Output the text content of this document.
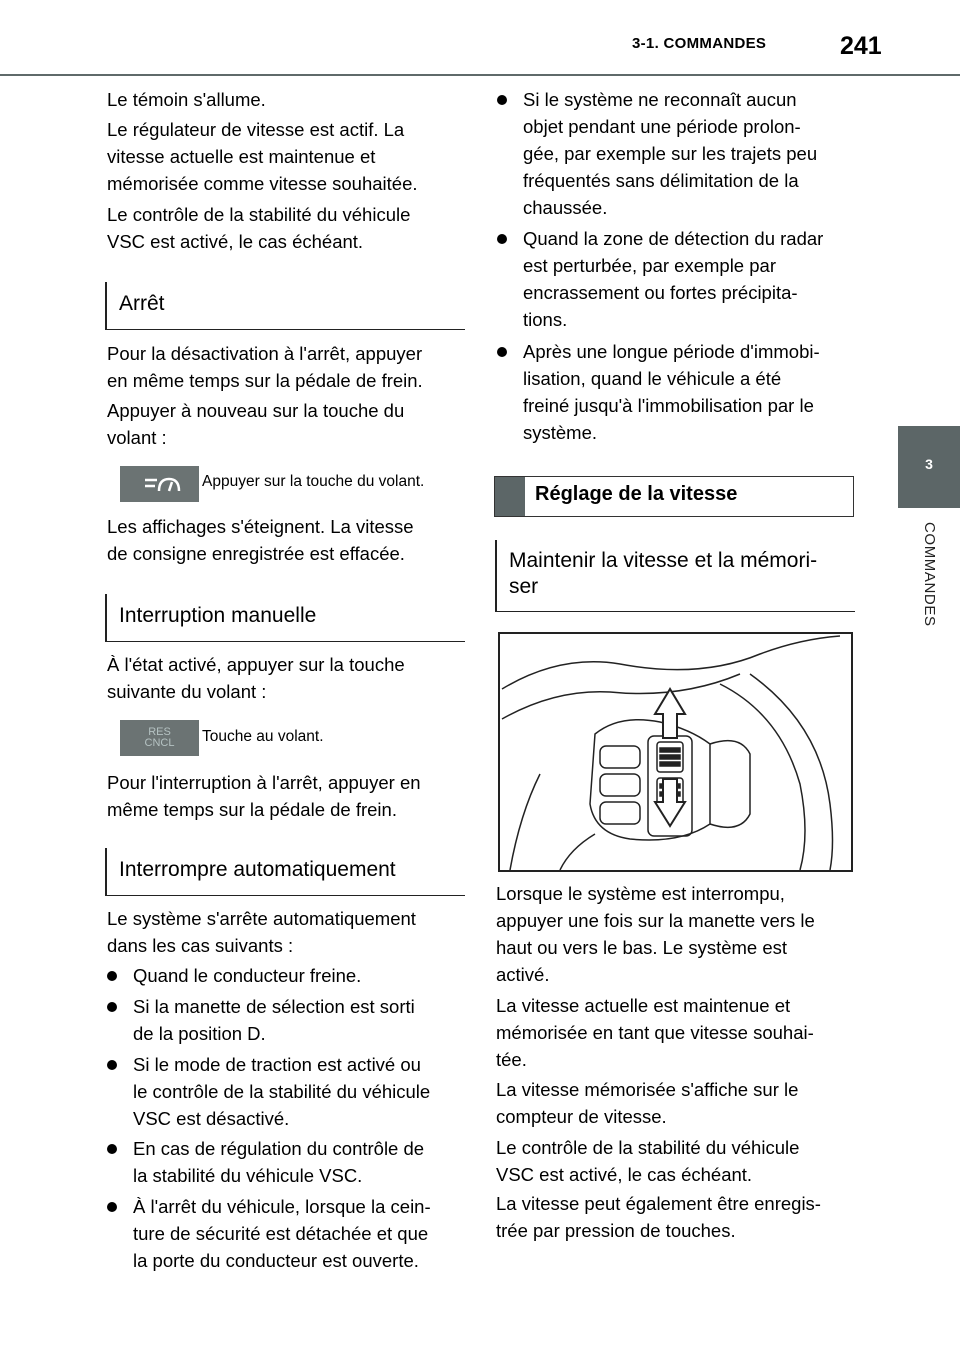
3-1. COMMANDES	241
3
COMMANDES
Le témoin s'allume.
Le régulateur de vitesse est actif. La
vitesse actuelle est maintenue et
mémorisée comme vitesse souhaitée.
Le contrôle de la stabilité du véhicule
VSC est activé, le cas échéant.
Arrêt
Pour la désactivation à l'arrêt, appuyer
en même temps sur la pédale de frein.
Appuyer à nouveau sur la touche du
volant :
Appuyer sur la touche du volant.
Les affichages s'éteignent. La vitesse
de consigne enregistrée est effacée.
Interruption manuelle
À l'état activé, appuyer sur la touche
suivante du volant :
RES
CNCL Touche au volant.
Pour l'interruption à l'arrêt, appuyer en
même temps sur la pédale de frein.
Interrompre automatiquement
Le système s'arrête automatiquement
dans les cas suivants :
Quand le conducteur freine.
Si la manette de sélection est sorti
de la position D.
Si le mode de traction est activé ou
le contrôle de la stabilité du véhicule
VSC est désactivé.
En cas de régulation du contrôle de
la stabilité du véhicule VSC.
À l'arrêt du véhicule, lorsque la cein-
ture de sécurité est détachée et que
la porte du conducteur est ouverte.
Si le système ne reconnaît aucun
objet pendant une période prolon-
gée, par exemple sur les trajets peu
fréquentés sans délimitation de la
chaussée.
Quand la zone de détection du radar
est perturbée, par exemple par
encrassement ou fortes précipita-
tions.
Après une longue période d'immobi-
lisation, quand le véhicule a été
freiné jusqu'à l'immobilisation par le
système.
Réglage de la vitesse
Maintenir la vitesse et la mémori-
ser
Lorsque le système est interrompu,
appuyer une fois sur la manette vers le
haut ou vers le bas. Le système est
activé.
La vitesse actuelle est maintenue et
mémorisée en tant que vitesse souhai-
tée.
La vitesse mémorisée s'affiche sur le
compteur de vitesse.
Le contrôle de la stabilité du véhicule
VSC est activé, le cas échéant.
La vitesse peut également être enregis-
trée par pression de touches.
